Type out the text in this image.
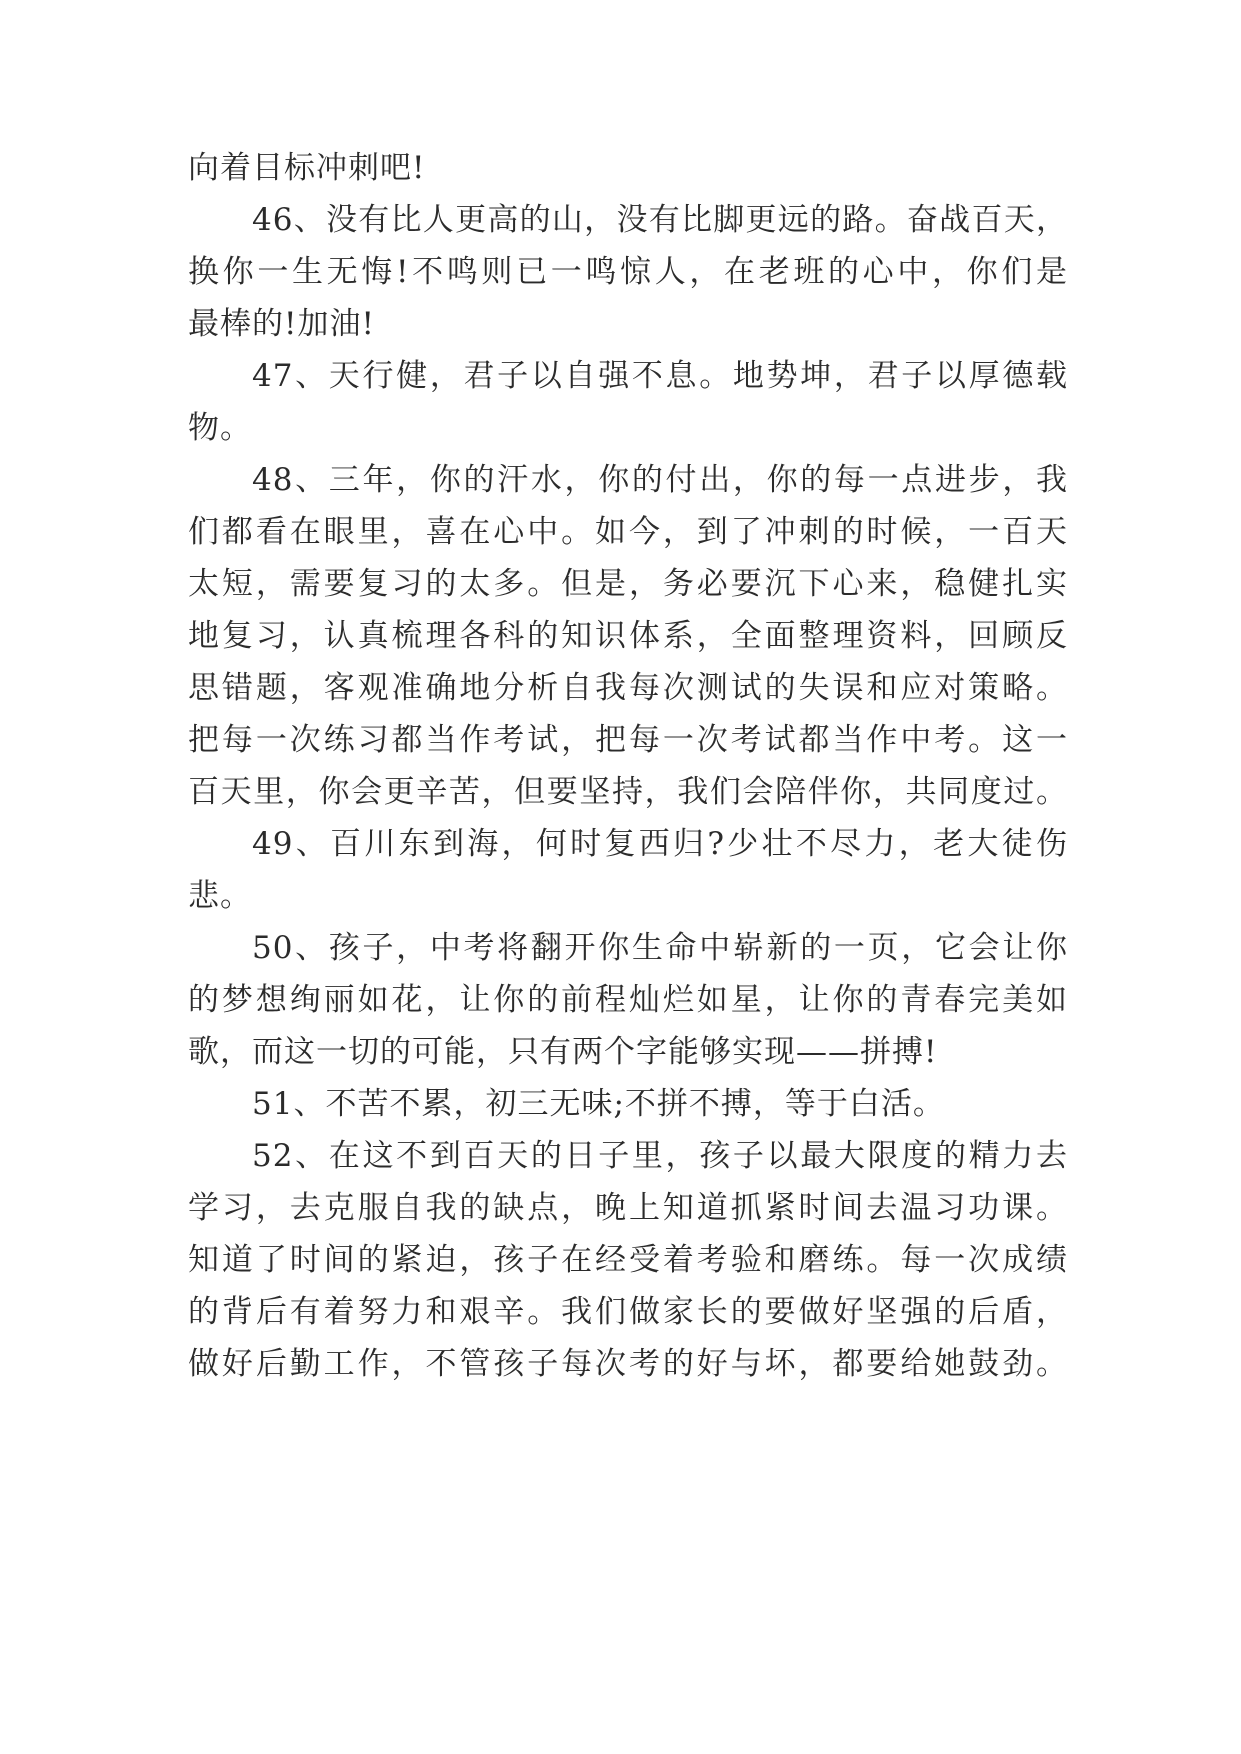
向着目标冲刺吧!
46、没有比人更高的山，没有比脚更远的路。奋战百天，
换你一生无悔!不鸣则已一鸣惊人，在老班的心中，你们是
最棒的!加油!
47、天行健，君子以自强不息。地势坤，君子以厚德载
物。
48、三年，你的汗水，你的付出，你的每一点进步，我
们都看在眼里，喜在心中。如今，到了冲刺的时候，一百天
太短，需要复习的太多。但是，务必要沉下心来，稳健扎实
地复习，认真梳理各科的知识体系，全面整理资料，回顾反
思错题，客观准确地分析自我每次测试的失误和应对策略。
把每一次练习都当作考试，把每一次考试都当作中考。这一
百天里，你会更辛苦，但要坚持，我们会陪伴你，共同度过。
49、百川东到海，何时复西归?少壮不尽力，老大徒伤
悲。
50、孩子，中考将翻开你生命中崭新的一页，它会让你
的梦想绚丽如花，让你的前程灿烂如星，让你的青春完美如
歌，而这一切的可能，只有两个字能够实现——拼搏!
51、不苦不累，初三无味;不拼不搏，等于白活。
52、在这不到百天的日子里，孩子以最大限度的精力去
学习，去克服自我的缺点，晚上知道抓紧时间去温习功课。
知道了时间的紧迫，孩子在经受着考验和磨练。每一次成绩
的背后有着努力和艰辛。我们做家长的要做好坚强的后盾，
做好后勤工作，不管孩子每次考的好与坏，都要给她鼓劲。
